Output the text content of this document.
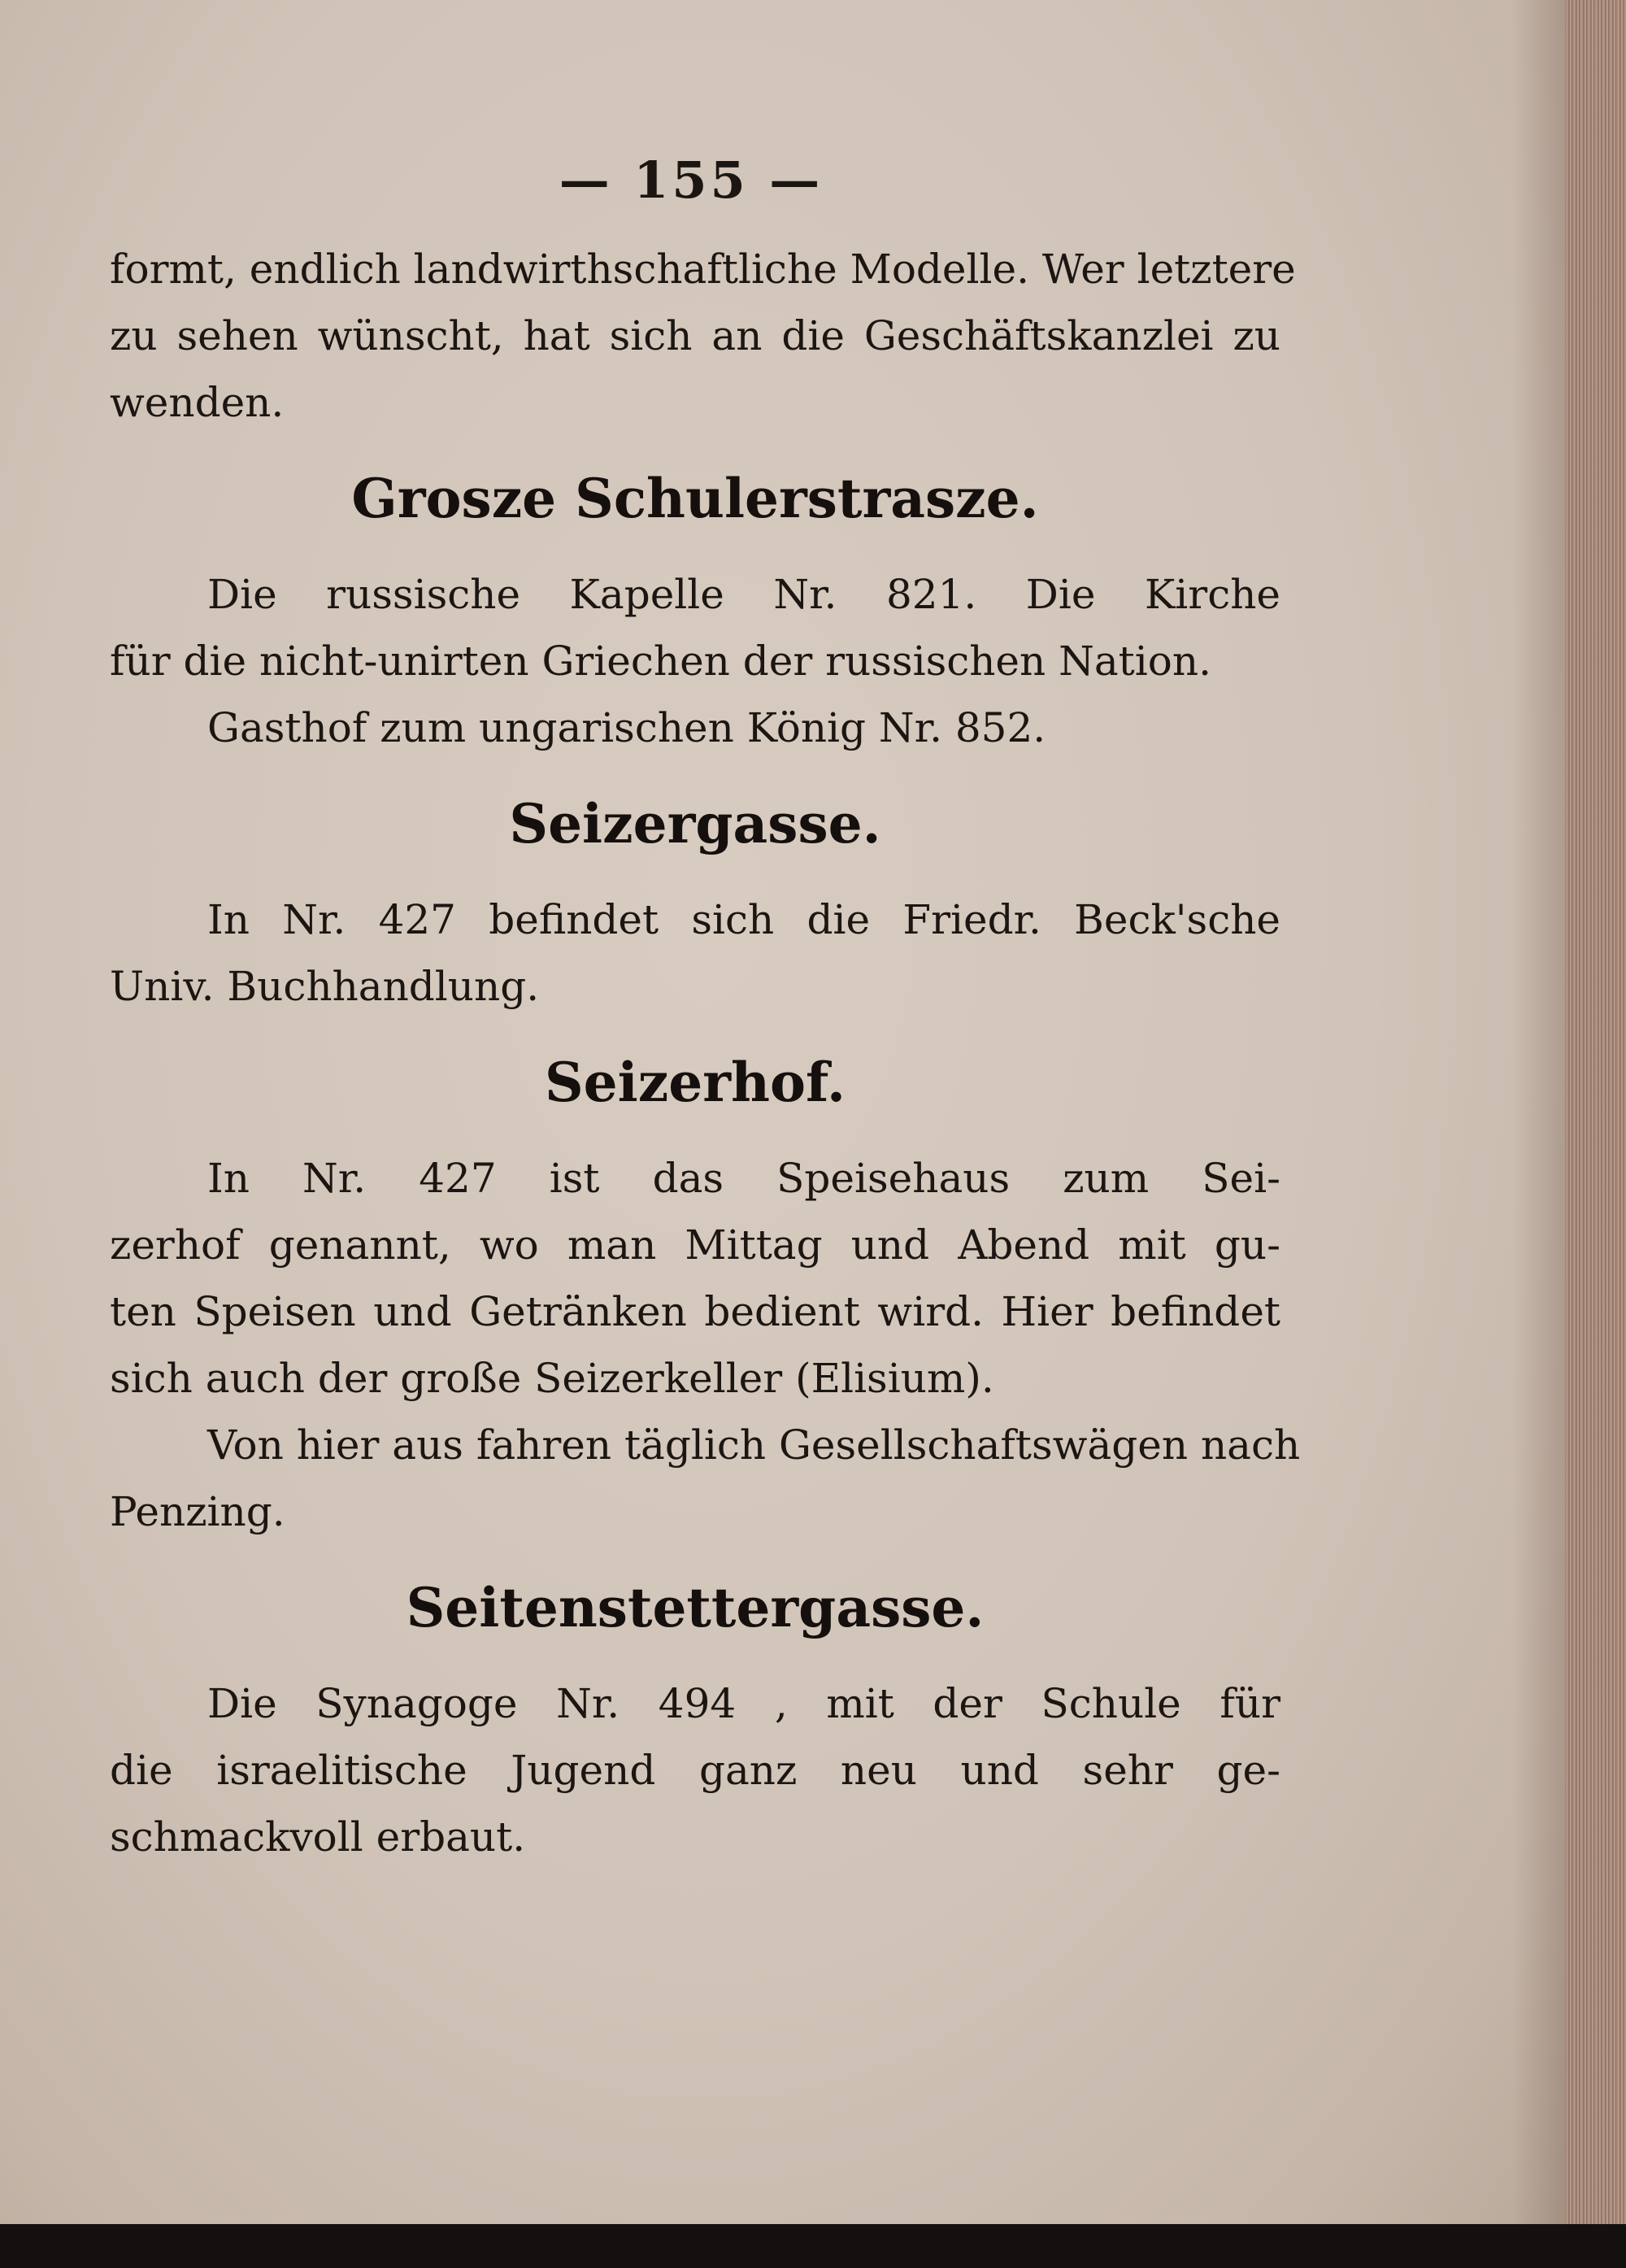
— 155 —
formt, endlich landwirthschaftliche Modelle. Wer letztere
zu sehen wünscht, hat sich an die Geschäftskanzlei zu
wenden.
Grosze Schulerstrasze.
Die russische Kapelle Nr. 821. Die Kirche
für die nicht-unirten Griechen der russischen Nation.
Gasthof zum ungarischen König Nr. 852.
Seizergasse.
In Nr. 427 befindet sich die Friedr. Beck'sche
Univ. Buchhandlung.
Seizerhof.
In Nr. 427 ist das Speisehaus zum Sei-
zerhof genannt, wo man Mittag und Abend mit gu-
ten Speisen und Getränken bedient wird. Hier befindet
sich auch der große Seizerkeller (Elisium).
Von hier aus fahren täglich Gesellschaftswägen nach
Penzing.
Seitenstettergasse.
Die Synagoge Nr. 494 , mit der Schule für
die israelitische Jugend ganz neu und sehr ge-
schmackvoll erbaut.
